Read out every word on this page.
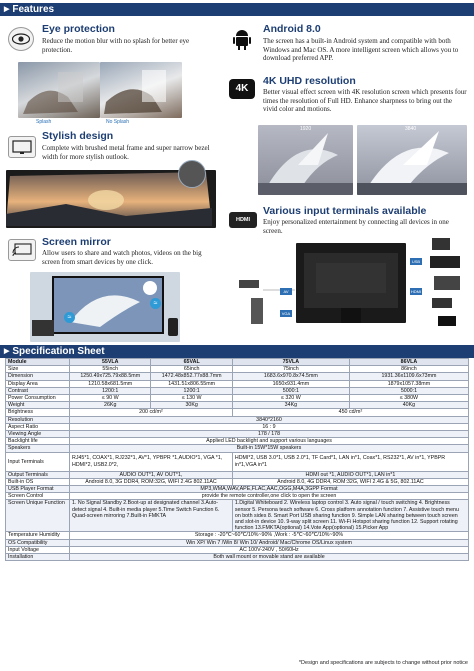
▶ Features
Eye protection
Reduce the motion blur with no splash for better eye protection.
Splash	No Splash
Stylish design
Complete with brushed metal frame and super narrow bezel width for more stylish outlook.
Screen mirror
Allow users to share and watch photos, videos on the big screen from smart devices by one click.
≈
≈
Android 8.0
The screen has a built-in Android system and compatible with both Windows and Mac OS. A more intelligent screen which allows you to download preferred APP.
4K
4K UHD resolution
Better visual effect screen with 4K resolution screen which presents four times the resolution of Full HD. Enhance sharpness to bring out the vivid color and motions.
1920	3840
HDMI
Various input terminals available
Enjoy personalized entertainment by connecting all devices in one screen.
AV
VGA
USB
HDMI
▶ Specification Sheet
Module	55VLA	65VAL	75VLA	86VLA
Size	55inch	65inch	75inch	86inch
Dimension	1250.49x725.79x88.5mm	1472.48x852.77x88.7mm	1683.6x970.8x74.5mm	1931.36x1109.6x73mm
Display Area	1210.58x681.5mm	1431.51x806.55mm	1650x931.4mm	1879x1057.38mm
Contrast	1200:1	1200:1	5000:1	5000:1
Power Consumption	≤ 90 W	≤ 130 W	≤ 320 W	≤ 380W
Weight	26Kg	30Kg	34Kg	40Kg
Brightness	200 cd/m²		450 cd/m²	
Resolution	3840*2160			
Aspect Ratio	16 : 9			
Viewing Angle	178 / 178			
Backlight life	Applied LED backlight and support various languages			
Speakers	Built-in 15W*15W speakers			
Input Terminals	RJ45*1, COAX*1, RJ232*1, AV*1, YPBPR *1,AUDIO*1, VGA *1, HDMI*2, USB2.0*2,		HDMI*2, USB 3.0*1, USB 2.0*1, TF Card*1, LAN in*1, Coax*1, RS232*1, AV in*1, YPBPR in*1,VGA in*1	
Output Terminals	AUDIO OUT*1, AV OUT*1,		HDMI out *1, AUDIO OUT*1, LAN in*1	
Built-in OS	Android 8.0, 3G DDR4, ROM:32G, WIFI 2.4G 802.11AC		Android 8.0, 4G DDR4, ROM:32G, WIFI 2.4G & 5G, 802.11AC	
USB Player Format	MP3,WMA,WAV,APE,FLAC,AAC,OGG,M4A,3GPP Format			
Screen Control	provide the remote controller,one click to open the screen			
Screen Unique Function	1. No Signal Standby 2.Boot-up at designated channel 3.Auto-detect signal 4. Built-in media player 5.Time Switch Function 6. Quad-screen mirroring 7.Built-in FMKTA		1.Digital Whiteboard 2. Wireless laptop control 3. Auto signal / touch switching 4. Brightness sensor 5. Persona teach software 6. Cross platform annotation function 7. Assistive touch menu on both sides 8. Smart Port USB sharing function 9. Simple LAN sharing between touch screen and slot-in device 10. 9-way split screen 11. Wi-Fi Hotspot sharing function 12. Support rotating function 13.FMKTA(optional) 14.Vote App(optional) 15.Picker App	
Temperature Humidity	Storage : -20℃~60℃/10%~90% ,Work : -5℃~60℃/10%~90%			
OS Compatibility	Win XP/ Win 7 /Win 8/ Win 10/ Android/ Mac/Chrome OS/Linux system			
Input Voltage	AC 100V-240V , 50/60Hz			
Installation	Both wall mount or movable stand are available			
*Design and specifications are subjects to change without prior notice
